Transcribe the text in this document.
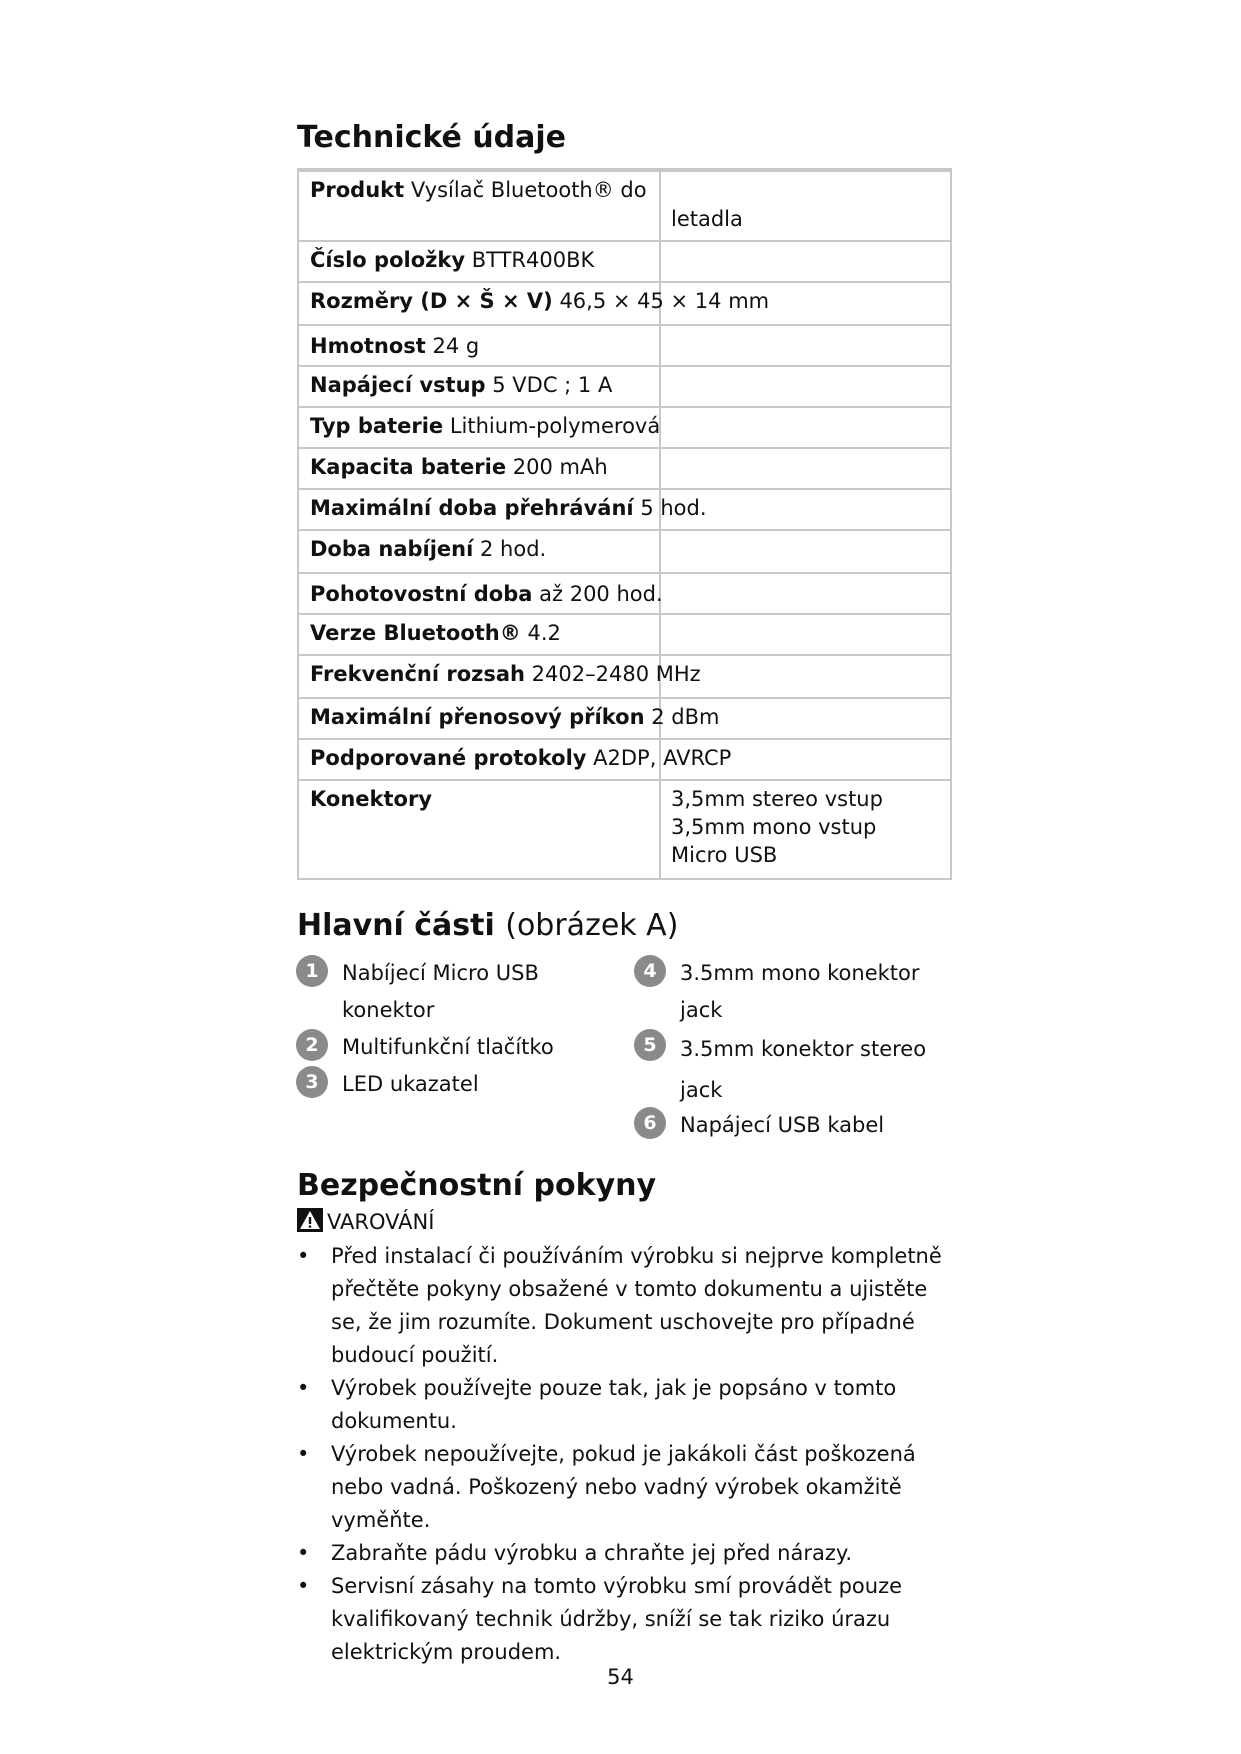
Technické údaje
Produkt Vysílač Bluetooth® do
letadla
Číslo položky BTTR400BK
Rozměry (D × Š × V) 46,5 × 45 × 14 mm
Hmotnost 24 g
Napájecí vstup 5 VDC ; 1 A
Typ baterie Lithium-polymerová
Kapacita baterie 200 mAh
Maximální doba přehrávání 5 hod.
Doba nabíjení 2 hod.
Pohotovostní doba až 200 hod.
Verze Bluetooth® 4.2
Frekvenční rozsah 2402–2480 MHz
Maximální přenosový příkon 2 dBm
Podporované protokoly A2DP, AVRCP
Konektory	3,5mm stereo vstup
3,5mm mono vstup
Micro USB
Hlavní části (obrázek A)
1	Nabíjecí Micro USB konektor
2	Multifunkční tlačítko
3	LED ukazatel
4	3.5mm mono konektor jack
5	3.5mm konektor stereo jack
6	Napájecí USB kabel
Bezpečnostní pokyny
VAROVÁNÍ
• Před instalací či používáním výrobku si nejprve kompletně přečtěte pokyny obsažené v tomto dokumentu a ujistěte se, že jim rozumíte. Dokument uschovejte pro případné budoucí použití.
• Výrobek používejte pouze tak, jak je popsáno v tomto dokumentu.
• Výrobek nepoužívejte, pokud je jakákoli část poškozená nebo vadná. Poškozený nebo vadný výrobek okamžitě vyměňte.
• Zabraňte pádu výrobku a chraňte jej před nárazy.
• Servisní zásahy na tomto výrobku smí provádět pouze kvalifikovaný technik údržby, sníží se tak riziko úrazu elektrickým proudem.
54
